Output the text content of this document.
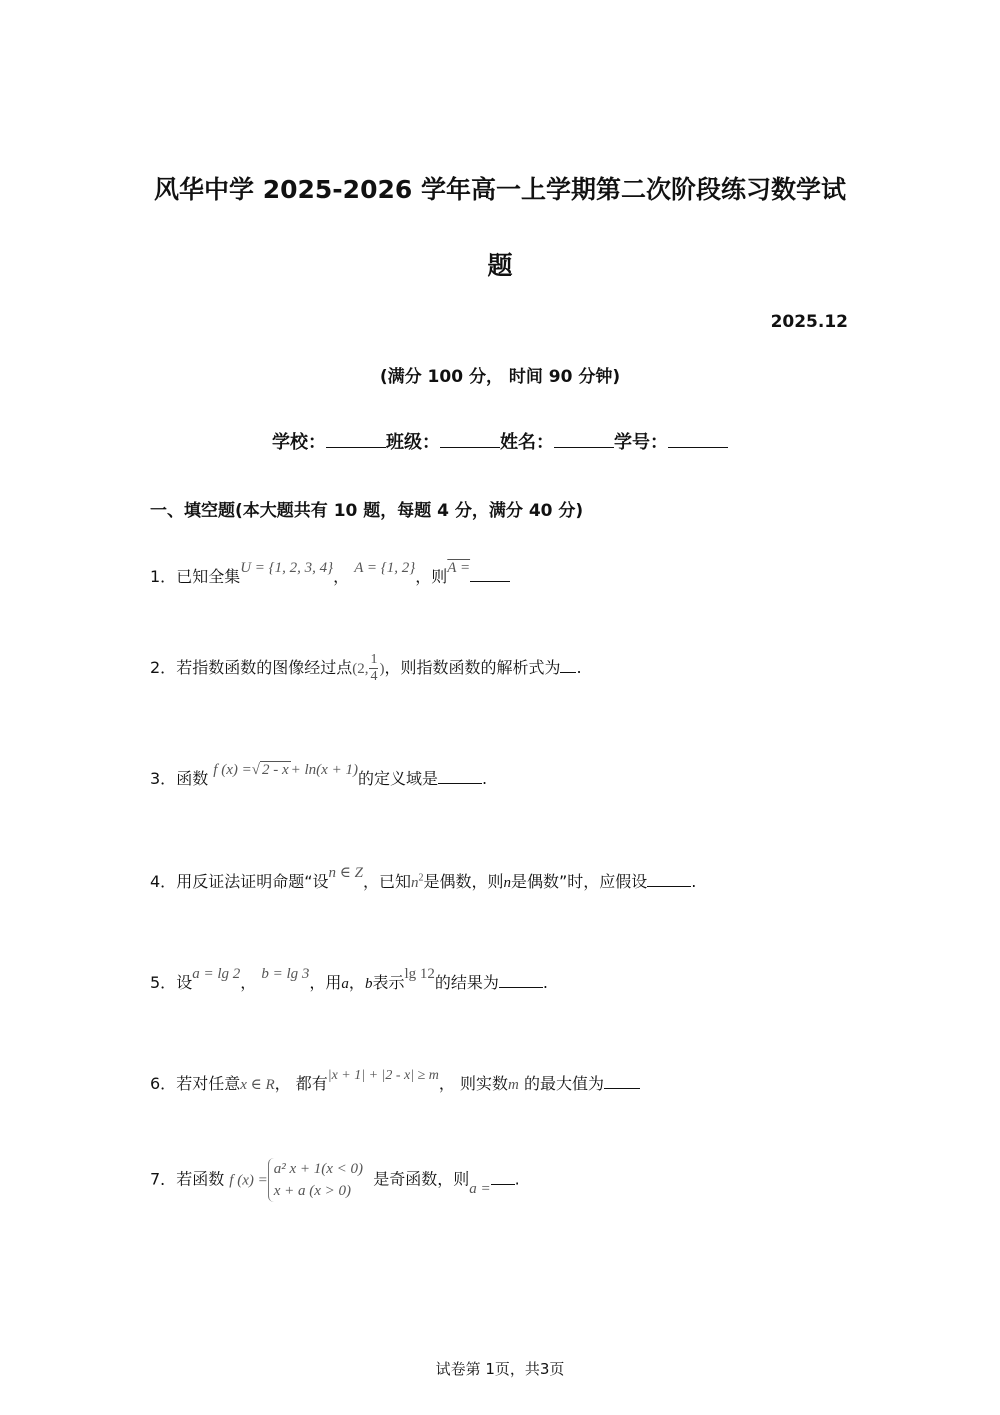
风华中学 2025-2026 学年高一上学期第二次阶段练习数学试
题
2025.12
(满分 100 分， 时间 90 分钟)
学校：	班级：	姓名：	学号：
一、填空题(本大题共有 10 题，每题 4 分，满分 40 分)
1．已知全集U = {1, 2, 3, 4}， A = {1, 2}，则A =
2．若指数函数的图像经过点(2, $\frac{1}{4}$ )，则指数函数的解析式为 .
3．函数 f (x) =√ 2 - x + ln(x + 1)的定义域是	.
4．用反证法证明命题“设n ∈ Z，已知$n^2$是偶数，则n是偶数”时，应假设	.
5．设a = lg 2， b = lg 3，用a，b表示lg 12的结果为	.
6．若对任意x ∈ R， 都有|x + 1| + |2 - x| ≥ m， 则实数m 的最大值为
7．若函数 f (x) =
a² x + 1(x < 0)
x + a (x > 0)
是奇函数，则a = .
试卷第 1页，共3页
